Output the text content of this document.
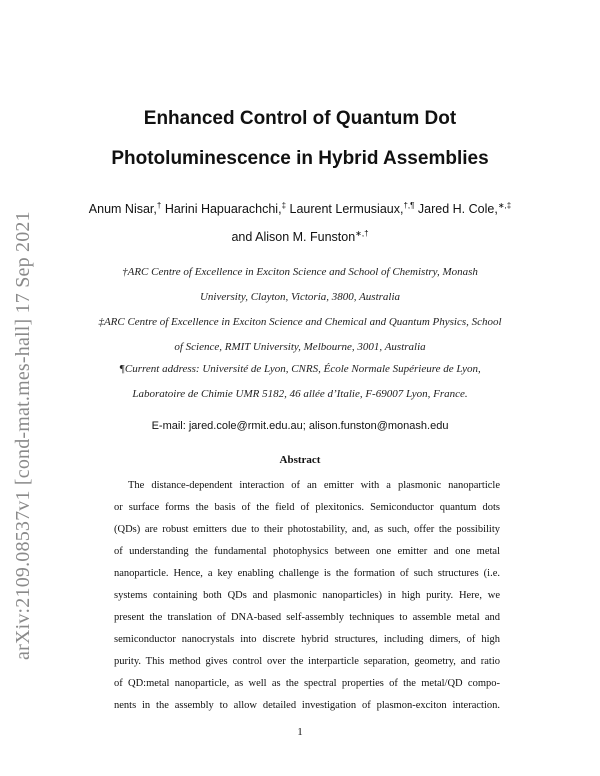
arXiv:2109.08537v1 [cond-mat.mes-hall] 17 Sep 2021
Enhanced Control of Quantum Dot
Photoluminescence in Hybrid Assemblies
Anum Nisar,† Harini Hapuarachchi,‡ Laurent Lermusiaux,†,¶ Jared H. Cole,∗,‡
and Alison M. Funston∗,†
†ARC Centre of Excellence in Exciton Science and School of Chemistry, Monash
University, Clayton, Victoria, 3800, Australia
‡ARC Centre of Excellence in Exciton Science and Chemical and Quantum Physics, School
of Science, RMIT University, Melbourne, 3001, Australia
¶Current address: Université de Lyon, CNRS, École Normale Supérieure de Lyon,
Laboratoire de Chimie UMR 5182, 46 allée d’Italie, F-69007 Lyon, France.
E-mail: jared.cole@rmit.edu.au; alison.funston@monash.edu
Abstract
The distance-dependent interaction of an emitter with a plasmonic nanoparticle
or surface forms the basis of the field of plexitonics. Semiconductor quantum dots
(QDs) are robust emitters due to their photostability, and, as such, offer the possibility
of understanding the fundamental photophysics between one emitter and one metal
nanoparticle. Hence, a key enabling challenge is the formation of such structures (i.e.
systems containing both QDs and plasmonic nanoparticles) in high purity. Here, we
present the translation of DNA-based self-assembly techniques to assemble metal and
semiconductor nanocrystals into discrete hybrid structures, including dimers, of high
purity. This method gives control over the interparticle separation, geometry, and ratio
of QD:metal nanoparticle, as well as the spectral properties of the metal/QD compo-
nents in the assembly to allow detailed investigation of plasmon-exciton interaction.
1
